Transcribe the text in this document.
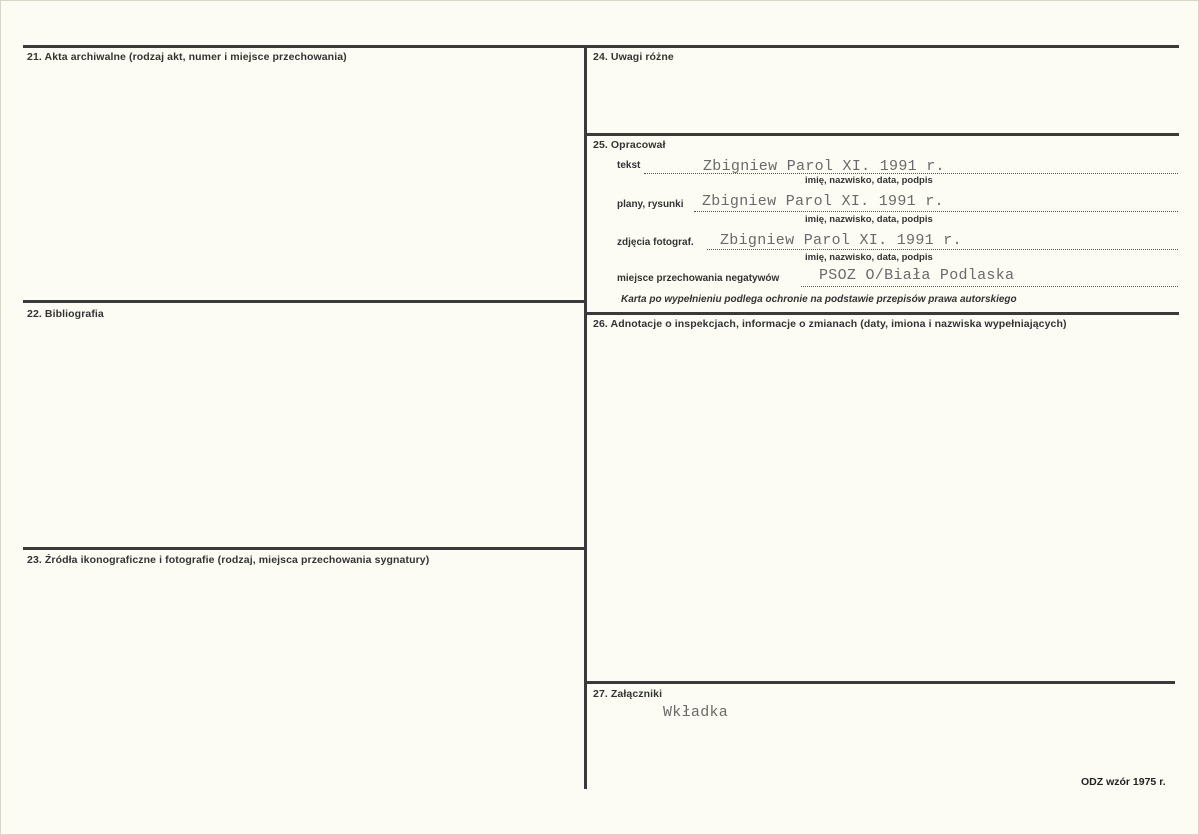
21. Akta archiwalne (rodzaj akt, numer i miejsce przechowania)
22. Bibliografia
23. Źródła ikonograficzne i fotografie (rodzaj, miejsca przechowania sygnatury)
24. Uwagi różne
25. Opracował
26. Adnotacje o inspekcjach, informacje o zmianach (daty, imiona i nazwiska wypełniających)
27. Załączniki
tekst	Zbigniew Parol XI. 1991 r.
imię, nazwisko, data, podpis
plany, rysunki Zbigniew Parol XI. 1991 r.
imię, nazwisko, data, podpis
zdjęcia fotograf. Zbigniew Parol XI. 1991 r.
imię, nazwisko, data, podpis
miejsce przechowania negatywów	PSOZ O/Biała Podlaska
Karta po wypełnieniu podlega ochronie na podstawie przepisów prawa autorskiego
Wkładka
ODZ wzór 1975 r.
